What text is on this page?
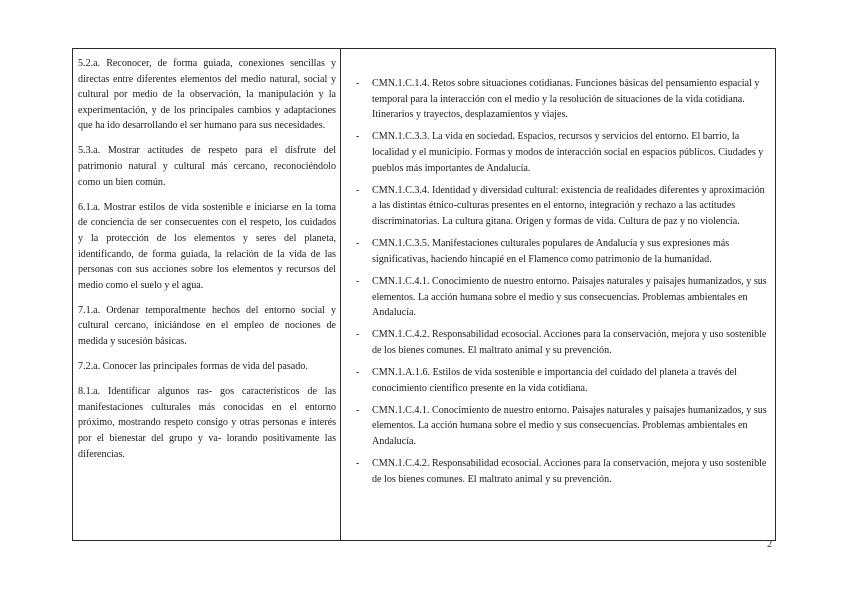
5.2.a. Reconocer, de forma guiada, conexiones sencillas y directas entre diferentes elementos del medio natural, social y cultural por medio de la observación, la manipulación y la experimentación, y de los principales cambios y adaptaciones que ha ido desarrollando el ser humano para sus necesidades.

5.3.a. Mostrar actitudes de respeto para el disfrute del patrimonio natural y cultural más cercano, reconociéndolo como un bien común.

6.1.a. Mostrar estilos de vida sostenible e iniciarse en la toma de conciencia de ser consecuentes con el respeto, los cuidados y la protección de los elementos y seres del planeta, identificando, de forma guiada, la relación de la vida de las personas con sus acciones sobre los elementos y recursos del medio como el suelo y el agua.

7.1.a. Ordenar temporalmente hechos del entorno social y cultural cercano, iniciándose en el empleo de nociones de medida y sucesión básicas.

7.2.a. Conocer las principales formas de vida del pasado.

8.1.a. Identificar algunos ras- gos característicos de las manifestaciones culturales más conocidas en el entorno próximo, mostrando respeto consigo y otras personas e interés por el bienestar del grupo y va- lorando positivamente las diferencias.

-	CMN.1.C.1.4. Retos sobre situaciones cotidianas. Funciones básicas del pensamiento espacial y temporal para la interacción con el medio y la resolución de situaciones de la vida cotidiana. Itinerarios y trayectos, desplazamientos y viajes.
-	CMN.1.C.3.3. La vida en sociedad. Espacios, recursos y servicios del entorno. El barrio, la localidad y el municipio. Formas y modos de interacción social en espacios públicos. Ciudades y pueblos más importantes de Andalucía.
-	CMN.1.C.3.4. Identidad y diversidad cultural: existencia de realidades diferentes y aproximación a las distintas étnico-culturas presentes en el entorno, integración y rechazo a las actitudes discriminatorias. La cultura gitana. Origen y formas de vida. Cultura de paz y no violencia.
-	CMN.1.C.3.5. Manifestaciones culturales populares de Andalucía y sus expresiones más significativas, haciendo hincapié en el Flamenco como patrimonio de la humanidad.
-	CMN.1.C.4.1. Conocimiento de nuestro entorno. Paisajes naturales y paisajes humanizados, y sus elementos. La acción humana sobre el medio y sus consecuencias. Problemas ambientales en Andalucía.
-	CMN.1.C.4.2. Responsabilidad ecosocial. Acciones para la conservación, mejora y uso sostenible de los bienes comunes. El maltrato animal y su prevención.
-	CMN.1.A.1.6. Estilos de vida sostenible e importancia del cuidado del planeta a través del conocimiento científico presente en la vida cotidiana.
-	CMN.1.C.4.1. Conocimiento de nuestro entorno. Paisajes naturales y paisajes humanizados, y sus elementos. La acción humana sobre el medio y sus consecuencias. Problemas ambientales en Andalucía.
-	CMN.1.C.4.2. Responsabilidad ecosocial. Acciones para la conservación, mejora y uso sostenible de los bienes comunes. El maltrato animal y su prevención.
2
